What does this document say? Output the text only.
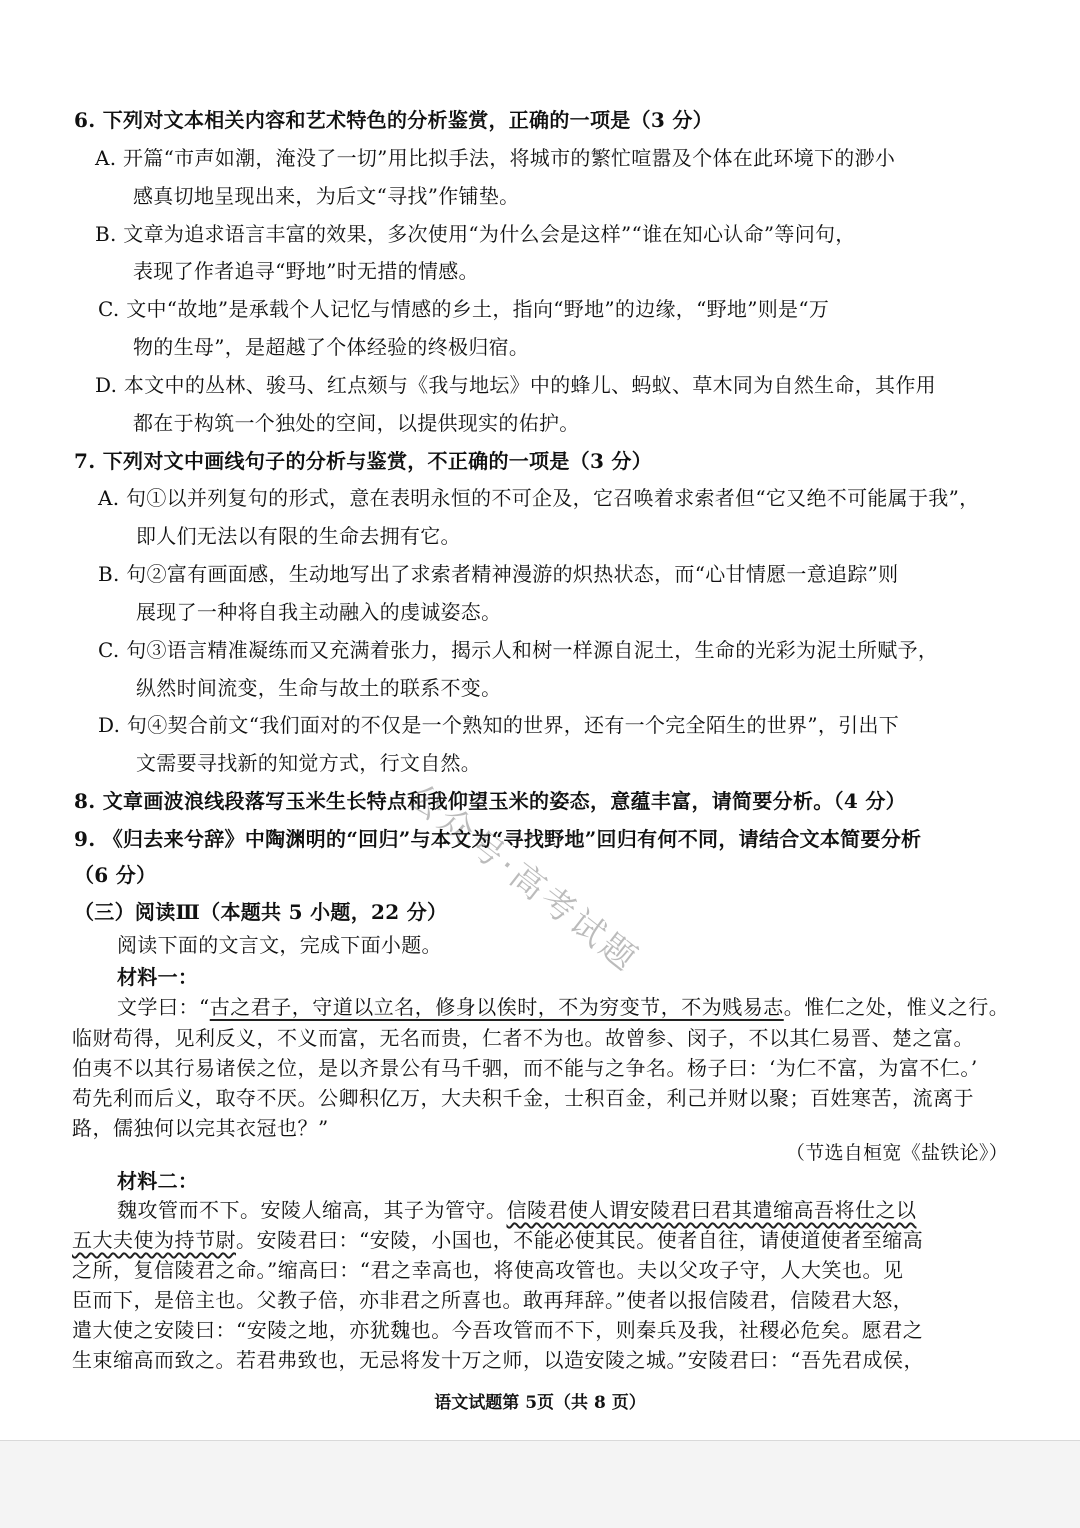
6. 下列对文本相关内容和艺术特色的分析鉴赏，正确的一项是（3 分）
A. 开篇“市声如潮，淹没了一切”用比拟手法，将城市的繁忙喧嚣及个体在此环境下的渺小
感真切地呈现出来，为后文“寻找”作铺垫。
B. 文章为追求语言丰富的效果，多次使用“为什么会是这样”“谁在知心认命”等问句，
表现了作者追寻“野地”时无措的情感。
C. 文中“故地”是承载个人记忆与情感的乡土，指向“野地”的边缘，“野地”则是“万
物的生母”，是超越了个体经验的终极归宿。
D. 本文中的丛林、骏马、红点颏与《我与地坛》中的蜂儿、蚂蚁、草木同为自然生命，其作用
都在于构筑一个独处的空间，以提供现实的佑护。
7. 下列对文中画线句子的分析与鉴赏，不正确的一项是（3 分）
A. 句①以并列复句的形式，意在表明永恒的不可企及，它召唤着求索者但“它又绝不可能属于我”，
即人们无法以有限的生命去拥有它。
B. 句②富有画面感，生动地写出了求索者精神漫游的炽热状态，而“心甘情愿一意追踪”则
展现了一种将自我主动融入的虔诚姿态。
C. 句③语言精准凝练而又充满着张力，揭示人和树一样源自泥土，生命的光彩为泥土所赋予，
纵然时间流变，生命与故土的联系不变。
D. 句④契合前文“我们面对的不仅是一个熟知的世界，还有一个完全陌生的世界”，引出下
文需要寻找新的知觉方式，行文自然。
8. 文章画波浪线段落写玉米生长特点和我仰望玉米的姿态，意蕴丰富，请简要分析。（4 分）
9. 《归去来兮辞》中陶渊明的“回归”与本文为“寻找野地”回归有何不同，请结合文本简要分析
（6 分）
（三）阅读Ⅲ（本题共 5 小题，22 分）
阅读下面的文言文，完成下面小题。
材料一：
文学曰：“古之君子，守道以立名，修身以俟时，不为穷变节，不为贱易志。惟仁之处，惟义之行。
临财苟得，见利反义，不义而富，无名而贵，仁者不为也。故曾参、闵子，不以其仁易晋、楚之富。
伯夷不以其行易诸侯之位，是以齐景公有马千驷，而不能与之争名。杨子曰：‘为仁不富，为富不仁。’
苟先利而后义，取夺不厌。公卿积亿万，大夫积千金，士积百金，利己并财以聚；百姓寒苦，流离于
路，儒独何以完其衣冠也？”
（节选自桓宽《盐铁论》）
材料二：
魏攻管而不下。安陵人缩高，其子为管守。信陵君使人谓安陵君曰君其遣缩高吾将仕之以
五大夫使为持节尉。安陵君曰：“安陵，小国也，不能必使其民。使者自往，请使道使者至缩高
之所，复信陵君之命。”缩高曰：“君之幸高也，将使高攻管也。夫以父攻子守，人大笑也。见
臣而下，是倍主也。父教子倍，亦非君之所喜也。敢再拜辞。”使者以报信陵君，信陵君大怒，
遣大使之安陵曰：“安陵之地，亦犹魏也。今吾攻管而不下，则秦兵及我，社稷必危矣。愿君之
生束缩高而致之。若君弗致也，无忌将发十万之师，以造安陵之城。”安陵君曰：“吾先君成侯，
语文试题第 5页（共 8 页）
公众号·高考试题
